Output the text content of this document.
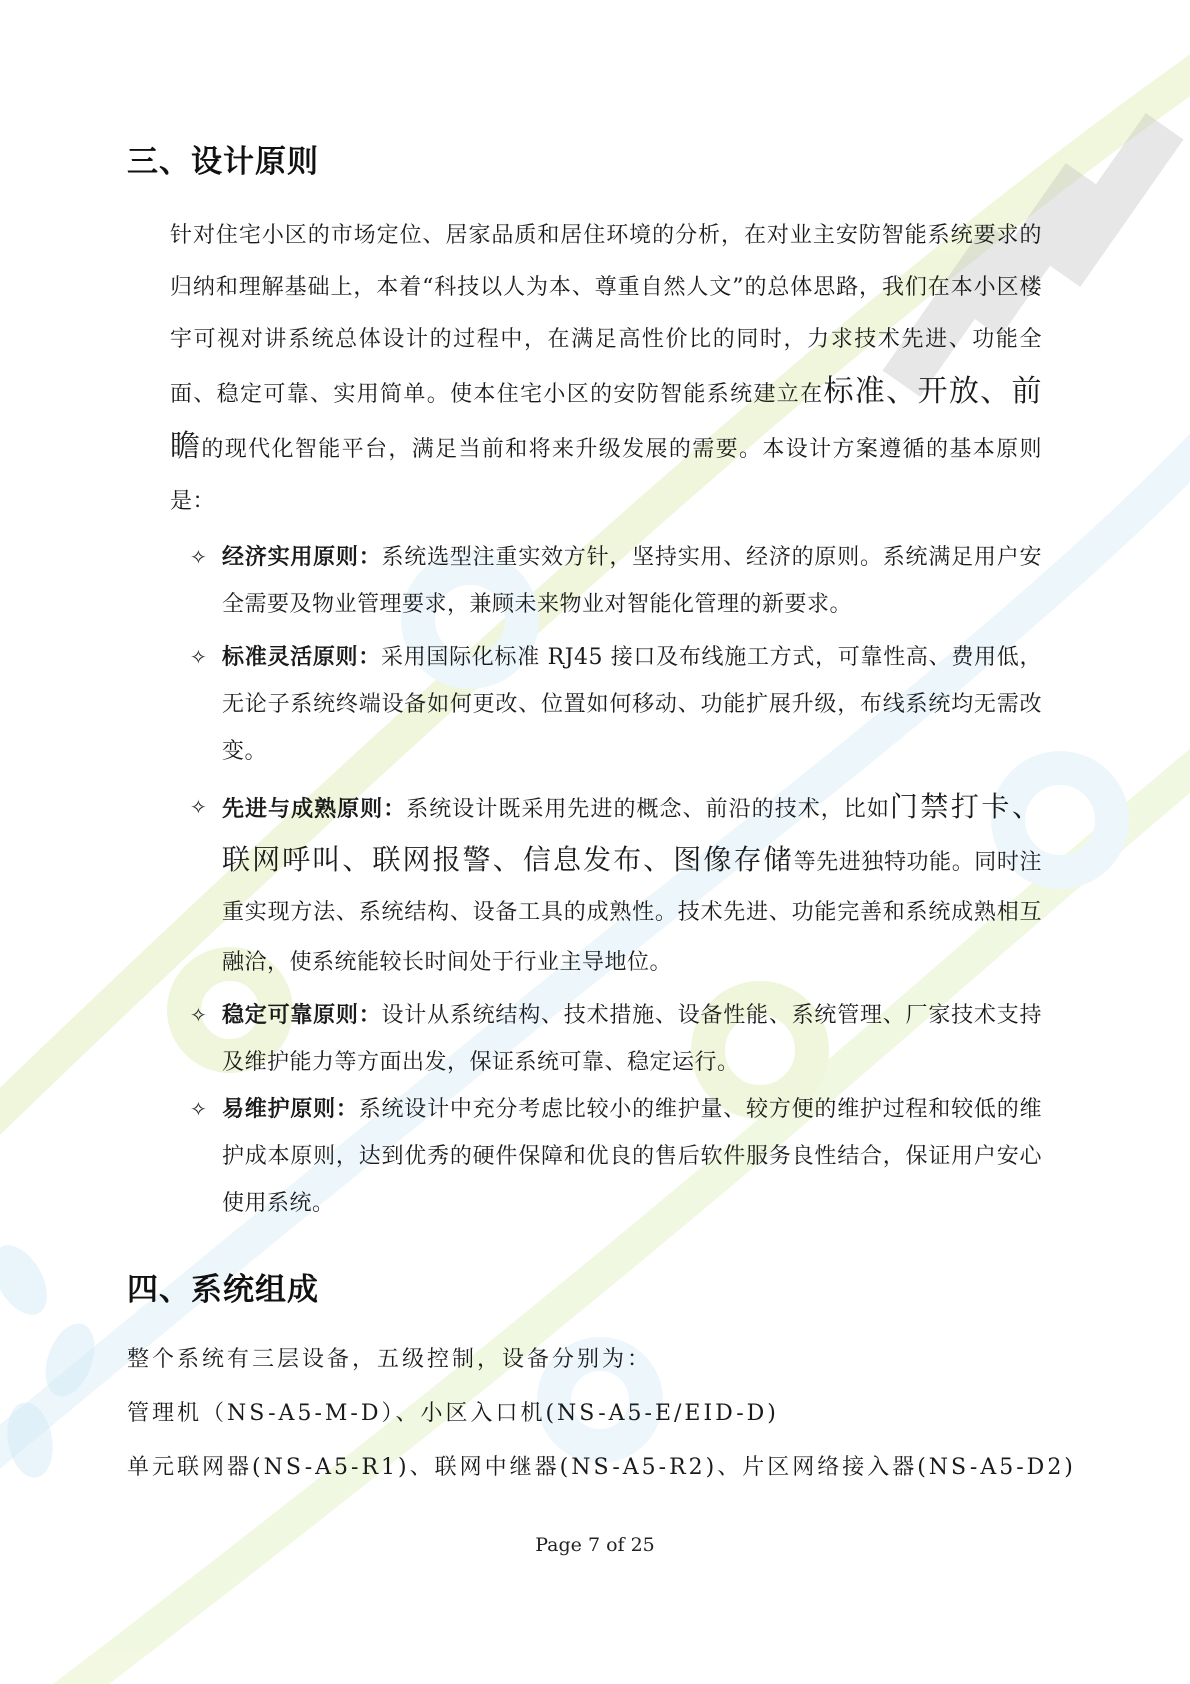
三、设计原则

针对住宅小区的市场定位、居家品质和居住环境的分析，在对业主安防智能系统要求的归纳和理解基础上，本着“科技以人为本、尊重自然人文”的总体思路，我们在本小区楼宇可视对讲系统总体设计的过程中，在满足高性价比的同时，力求技术先进、功能全面、稳定可靠、实用简单。使本住宅小区的安防智能系统建立在标准、开放、前瞻的现代化智能平台，满足当前和将来升级发展的需要。本设计方案遵循的基本原则是：

✧ 经济实用原则：系统选型注重实效方针，坚持实用、经济的原则。系统满足用户安全需要及物业管理要求，兼顾未来物业对智能化管理的新要求。

✧ 标准灵活原则：采用国际化标准 RJ45 接口及布线施工方式，可靠性高、费用低，无论子系统终端设备如何更改、位置如何移动、功能扩展升级，布线系统均无需改变。

✧ 先进与成熟原则：系统设计既采用先进的概念、前沿的技术，比如门禁打卡、联网呼叫、联网报警、信息发布、图像存储等先进独特功能。同时注重实现方法、系统结构、设备工具的成熟性。技术先进、功能完善和系统成熟相互融洽，使系统能较长时间处于行业主导地位。

✧ 稳定可靠原则：设计从系统结构、技术措施、设备性能、系统管理、厂家技术支持及维护能力等方面出发，保证系统可靠、稳定运行。

✧ 易维护原则：系统设计中充分考虑比较小的维护量、较方便的维护过程和较低的维护成本原则，达到优秀的硬件保障和优良的售后软件服务良性结合，保证用户安心使用系统。

四、系统组成

整个系统有三层设备，五级控制，设备分别为：

管理机（NS-A5-M-D）、小区入口机(NS-A5-E/EID-D)

单元联网器(NS-A5-R1)、联网中继器(NS-A5-R2)、片区网络接入器(NS-A5-D2)

Page 7 of 25
